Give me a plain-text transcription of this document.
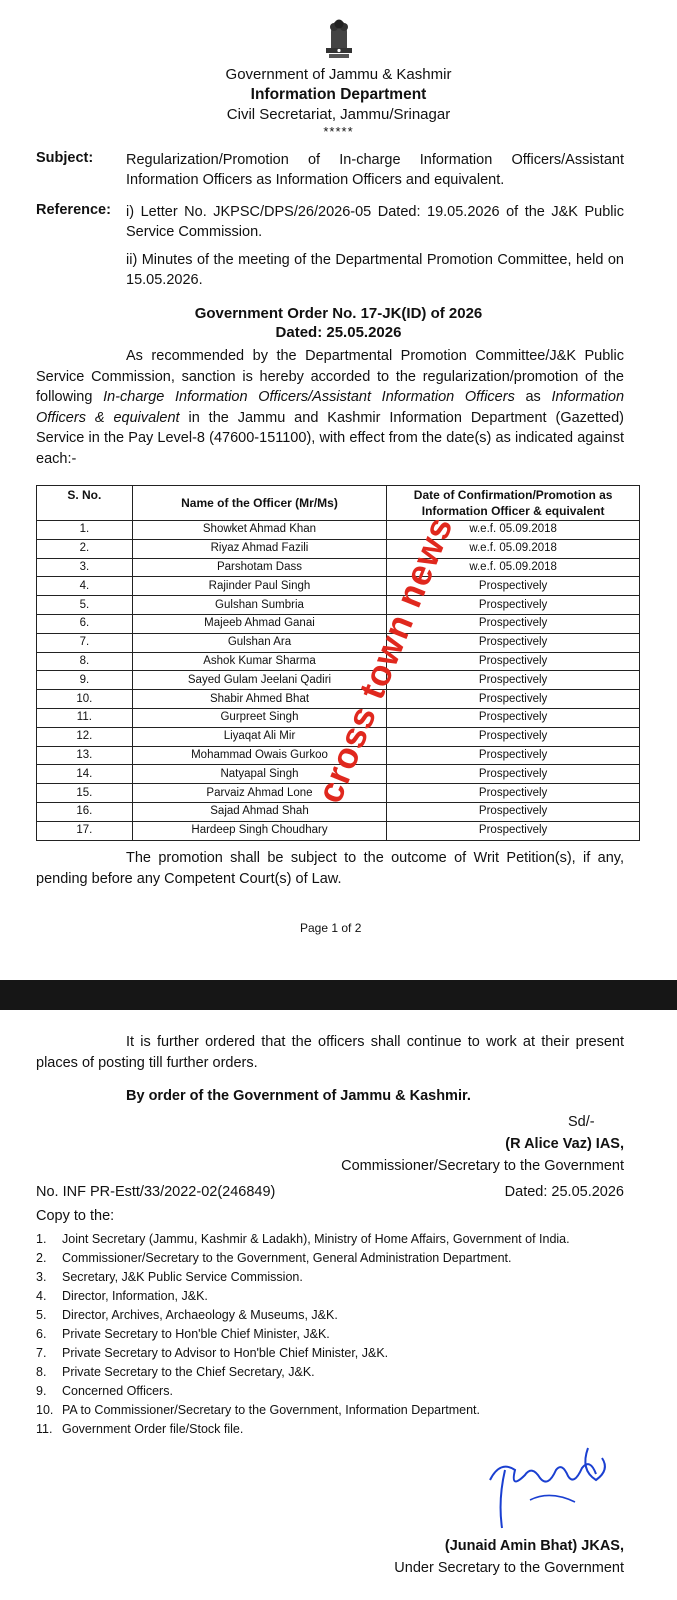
Government of Jammu & Kashmir
Information Department
Civil Secretariat, Jammu/Srinagar
*****
Subject: Regularization/Promotion of In-charge Information Officers/Assistant Information Officers as Information Officers and equivalent.
Reference: i) Letter No. JKPSC/DPS/26/2026-05 Dated: 19.05.2026 of the J&K Public Service Commission.
ii) Minutes of the meeting of the Departmental Promotion Committee, held on 15.05.2026.
Government Order No. 17-JK(ID) of 2026
Dated: 25.05.2026
As recommended by the Departmental Promotion Committee/J&K Public Service Commission, sanction is hereby accorded to the regularization/promotion of the following In-charge Information Officers/Assistant Information Officers as Information Officers & equivalent in the Jammu and Kashmir Information Department (Gazetted) Service in the Pay Level-8 (47600-151100), with effect from the date(s) as indicated against each:-
S. No.	Name of the Officer (Mr/Ms)	Date of Confirmation/Promotion as Information Officer & equivalent
1.	Showket Ahmad Khan	w.e.f. 05.09.2018
2.	Riyaz Ahmad Fazili	w.e.f. 05.09.2018
3.	Parshotam Dass	w.e.f. 05.09.2018
4.	Rajinder Paul Singh	Prospectively
5.	Gulshan Sumbria	Prospectively
6.	Majeeb Ahmad Ganai	Prospectively
7.	Gulshan Ara	Prospectively
8.	Ashok Kumar Sharma	Prospectively
9.	Sayed Gulam Jeelani Qadiri	Prospectively
10.	Shabir Ahmed Bhat	Prospectively
11.	Gurpreet Singh	Prospectively
12.	Liyaqat Ali Mir	Prospectively
13.	Mohammad Owais Gurkoo	Prospectively
14.	Natyapal Singh	Prospectively
15.	Parvaiz Ahmad Lone	Prospectively
16.	Sajad Ahmad Shah	Prospectively
17.	Hardeep Singh Choudhary	Prospectively
The promotion shall be subject to the outcome of Writ Petition(s), if any, pending before any Competent Court(s) of Law.
Page 1 of 2
cross town news
It is further ordered that the officers shall continue to work at their present places of posting till further orders.
By order of the Government of Jammu & Kashmir.
Sd/-
(R Alice Vaz) IAS,
Commissioner/Secretary to the Government
No. INF PR-Estt/33/2022-02(246849)	Dated: 25.05.2026
Copy to the:
1. Joint Secretary (Jammu, Kashmir & Ladakh), Ministry of Home Affairs, Government of India.
2. Commissioner/Secretary to the Government, General Administration Department.
3. Secretary, J&K Public Service Commission.
4. Director, Information, J&K.
5. Director, Archives, Archaeology & Museums, J&K.
6. Private Secretary to Hon'ble Chief Minister, J&K.
7. Private Secretary to Advisor to Hon'ble Chief Minister, J&K.
8. Private Secretary to the Chief Secretary, J&K.
9. Concerned Officers.
10. PA to Commissioner/Secretary to the Government, Information Department.
11. Government Order file/Stock file.
(Junaid Amin Bhat) JKAS,
Under Secretary to the Government
